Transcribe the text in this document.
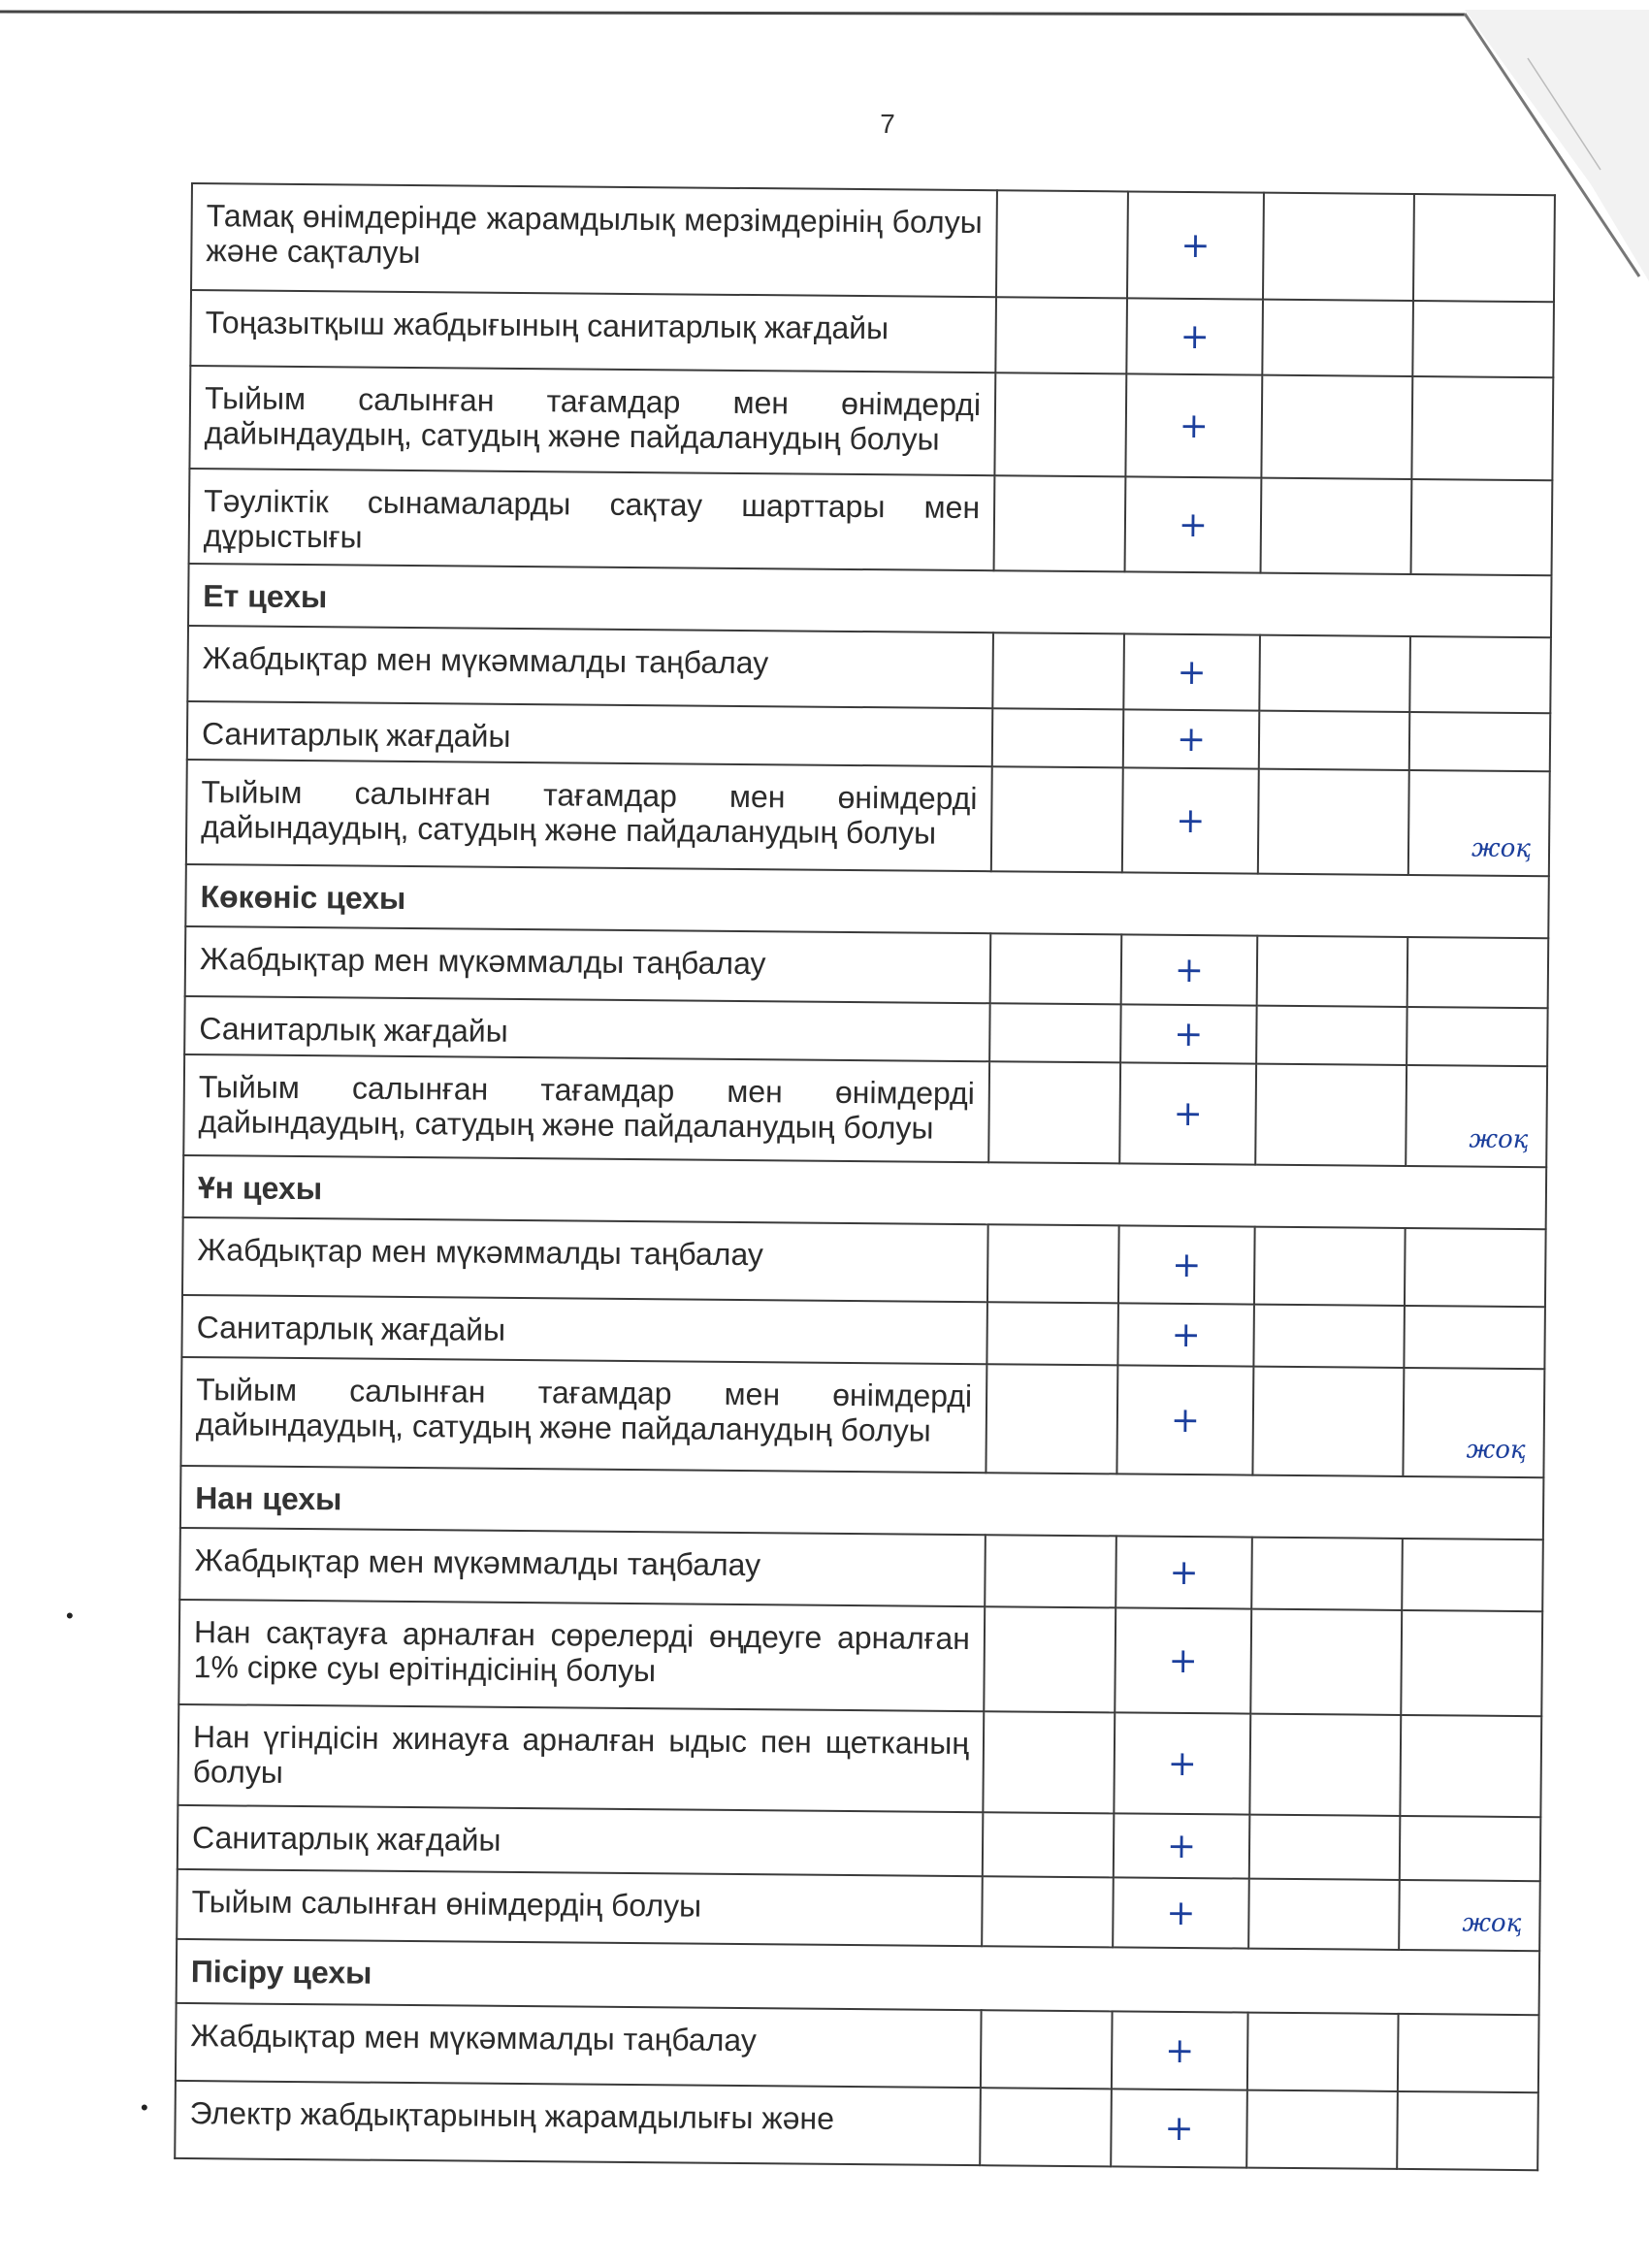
7
Тамақ өнімдерінде жарамдылық мерзімдерінің болуы және сақталуы		+		

Тоңазытқыш жабдығының санитарлық жағдайы		+		

Тыйым салынған тағамдар мен өнімдерді дайындаудың, сатудың және пайдаланудың болуы		+		

Тәуліктік сынамаларды сақтау шарттары мен дұрыстығы		+		
Ет цехы				

Жабдықтар мен мүкәммалды таңбалау		+		

Санитарлық жағдайы		+		

Тыйым салынған тағамдар мен өнімдерді дайындаудың, сатудың және пайдаланудың болуы		+		жоқ
Көкөніс цехы				

Жабдықтар мен мүкәммалды таңбалау		+		

Санитарлық жағдайы		+		

Тыйым салынған тағамдар мен өнімдерді дайындаудың, сатудың және пайдаланудың болуы		+		жоқ
Ұн цехы				

Жабдықтар мен мүкәммалды таңбалау		+		

Санитарлық жағдайы		+		

Тыйым салынған тағамдар мен өнімдерді дайындаудың, сатудың және пайдаланудың болуы		+		жоқ
Нан цехы				

Жабдықтар мен мүкәммалды таңбалау		+		

Нан сақтауға арналған сөрелерді өңдеуге арналған 1% сірке суы ерітіндісінің болуы		+		

Нан үгіндісін жинауға арналған ыдыс пен щетканың болуы		+		

Санитарлық жағдайы		+		

Тыйым салынған өнімдердің болуы		+		жоқ
Пісіру цехы				

Жабдықтар мен мүкәммалды таңбалау		+		

Электр жабдықтарының жарамдылығы және		+		
•
•
